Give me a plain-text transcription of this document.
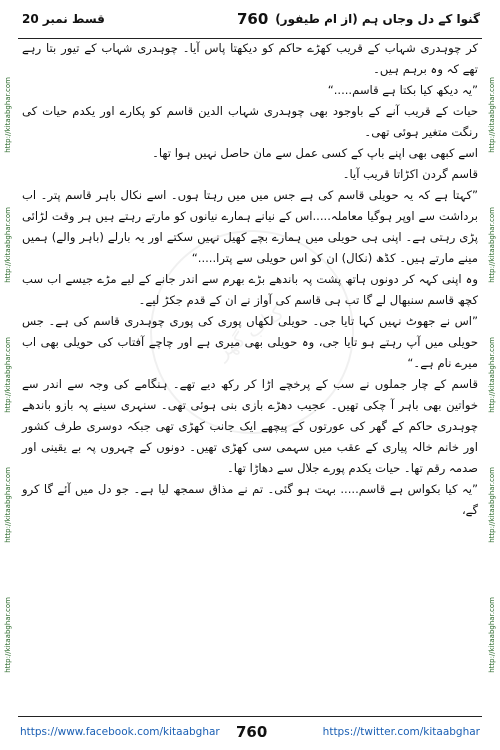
قسط نمبر 20	760 گنوا کے دل وجاں ہم (از ام طیفور)
http://kitaabghar.com
http://kitaabghar.com
http://kitaabghar.com
http://kitaabghar.com
http://kitaabghar.com
http://kitaabghar.com
http://kitaabghar.com
http://kitaabghar.com
http://kitaabghar.com
http://kitaabghar.com
کتاب گھر

کر چوہدری شہاب کے قریب کھڑے حاکم کو دیکھتا پاس آیا۔ چوہدری شہاب کے تیور بتا رہے تھے کہ وہ برہم ہیں۔

”یہ دیکھ کیا بکتا ہے قاسم.....“

حیات کے قریب آنے کے باوجود بھی چوہدری شہاب الدین قاسم کو پکارے اور یکدم حیات کی رنگت متغیر ہوئی تھی۔

اسے کبھی بھی اپنے باپ کے کسی عمل سے مان حاصل نہیں ہوا تھا۔

قاسم گردن اکڑاتا قریب آیا۔

”کہتا ہے کہ یہ حویلی قاسم کی ہے جس میں میں رہتا ہوں۔ اسے نکال باہر قاسم پتر۔ اب برداشت سے اوپر ہوگیا معاملہ.....اس کے نیانے ہمارے نیانوں کو مارتے رہتے ہیں ہر وقت لڑائی پڑی رہتی ہے۔ اپنی ہی حویلی میں ہمارے بچے کھیل نہیں سکتے اور یہ بارلے (باہر والے) ہمیں مینے مارتے ہیں۔ کڈھ (نکال) ان کو اس حویلی سے پترا.....“

وہ اپنی کہہ کر دونوں ہاتھ پشت پہ باندھے بڑے بھرم سے اندر جانے کے لیے مڑے جیسے اب سب کچھ قاسم سنبھال لے گا تب ہی قاسم کی آواز نے ان کے قدم جکڑ لیے۔

”اس نے جھوٹ نہیں کہا تایا جی۔ حویلی لکھاں پوری کی پوری چوہدری قاسم کی ہے۔ جس حویلی میں آپ رہتے ہو تایا جی، وہ حویلی بھی میری ہے اور چاچے آفتاب کی حویلی بھی اب میرے نام ہے۔“

قاسم کے چار جملوں نے سب کے پرخچے اڑا کر رکھ دیے تھے۔ ہنگامے کی وجہ سے اندر سے خواتین بھی باہر آ چکی تھیں۔ عجیب دھڑے بازی بنی ہوئی تھی۔ سنہری سینے پہ بازو باندھے چوہدری حاکم کے گھر کی عورتوں کے پیچھے ایک جانب کھڑی تھی جبکہ دوسری طرف کشور اور خانم خالہ پیاری کے عقب میں سہمی سی کھڑی تھیں۔ دونوں کے چہروں پہ بے یقینی اور صدمہ رقم تھا۔ حیات یکدم پورے جلال سے دھاڑا تھا۔

”یہ کیا بکواس ہے قاسم..... بہت ہو گئی۔ تم نے مذاق سمجھ لیا ہے۔ جو دل میں آئے گا کرو گے،

https://www.facebook.com/kitaabghar 760	https://twitter.com/kitaabghar
